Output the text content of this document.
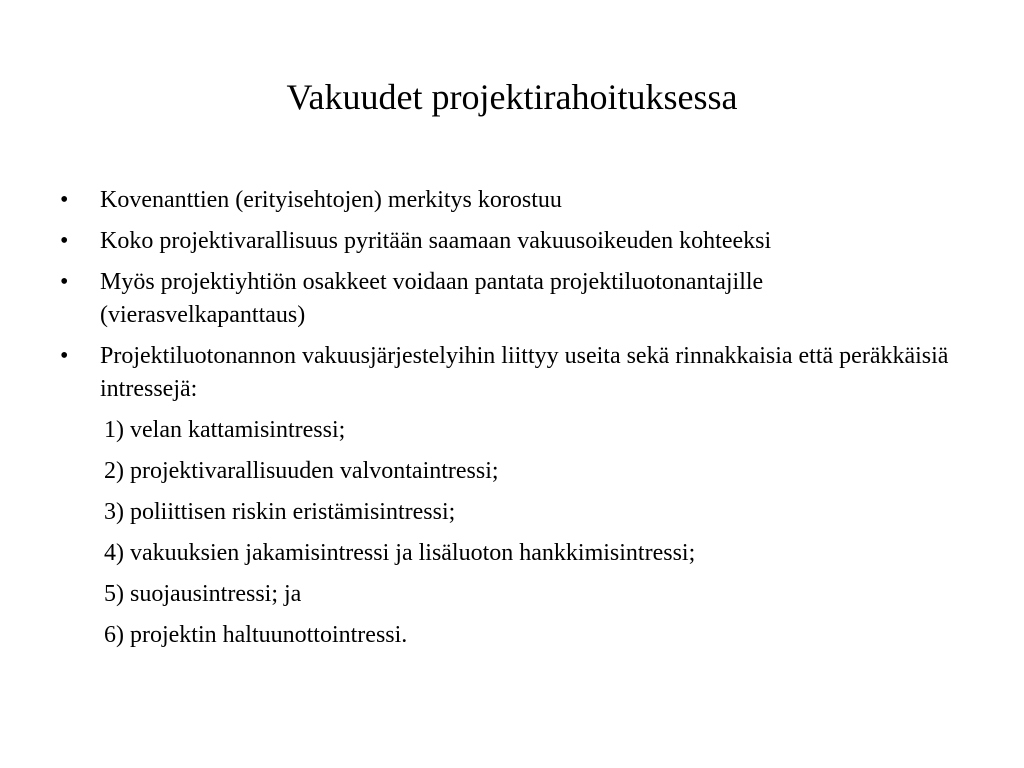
Vakuudet projektirahoituksessa
•	Kovenanttien (erityisehtojen) merkitys korostuu
•	Koko projektivarallisuus pyritään saamaan vakuusoikeuden kohteeksi
•	Myös projektiyhtiön osakkeet voidaan pantata projektiluotonantajille (vierasvelkapanttaus)
•	Projektiluotonannon vakuusjärjestelyihin liittyy useita sekä rinnakkaisia että peräkkäisiä intressejä:
1) velan kattamisintressi;
2) projektivarallisuuden valvontaintressi;
3) poliittisen riskin eristämisintressi;
4) vakuuksien jakamisintressi ja lisäluoton hankkimisintressi;
5) suojausintressi; ja
6) projektin haltuunottointressi.
